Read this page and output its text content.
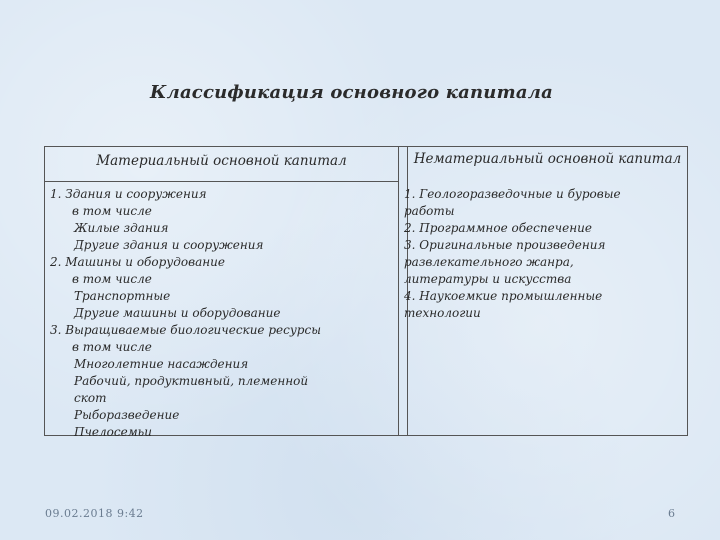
Классификация основного капитала
Материальный основной капитал	Нематериальный основной капитал
1. Здания и сооружения
в том числе
Жилые здания
Другие здания и сооружения
2. Машины и оборудование
в том числе
Транспортные
Другие машины и оборудование
3. Выращиваемые биологические ресурсы
в том числе
Многолетние насаждения
Рабочий, продуктивный, племенной
скот
Рыборазведение
Пчелосемьи
1. Геологоразведочные и буровые
работы
2. Программное обеспечение
3. Оригинальные произведения
развлекательного жанра,
литературы и искусства
4. Наукоемкие промышленные
технологии
09.02.2018 9:42	6
